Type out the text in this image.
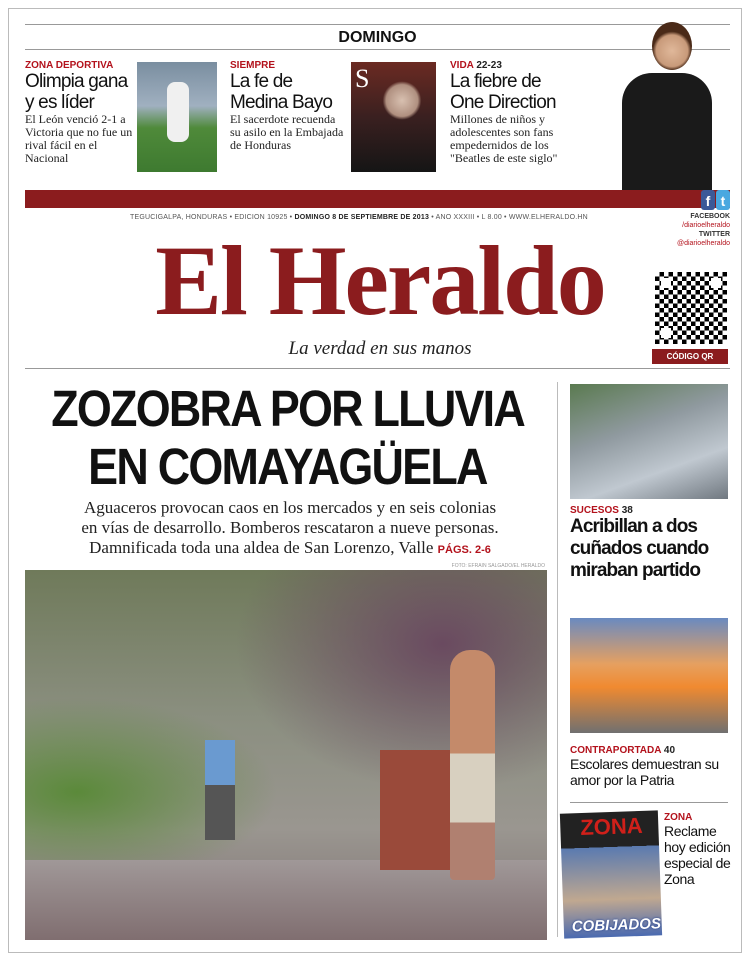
DOMINGO
ZONA DEPORTIVA
Olimpia gana
y es líder
El León venció 2-1 a Victoria que no fue un rival fácil en el Nacional
SIEMPRE
La fe de
Medina Bayo
El sacerdote recuenda su asilo en la Embajada de Honduras
S	VIDA 22-23
La fiebre de
One Direction
Millones de niños y adolescentes son fans empedernidos de los "Beatles de este siglo"
TEGUCIGALPA, HONDURAS • EDICIÓN 10925 • DOMINGO 8 DE SEPTIEMBRE DE 2013 • AÑO XXXIII • L 8.00 • WWW.ELHERALDO.HN
El Heraldo
La verdad en sus manos
f t
FACEBOOK
/diarioelheraldo
TWITTER
@diarioelheraldo
CÓDIGO QR
ZOZOBRA POR LLUVIA
EN COMAYAGÜELA
Aguaceros provocan caos en los mercados y en seis colonias
en vías de desarrollo. Bomberos rescataron a nueve personas.
Damnificada toda una aldea de San Lorenzo, Valle PÁGS. 2-6
FOTO: EFRAIN SALGADO/EL HERALDO
SUCESOS 38
Acribillan a dos cuñados cuando miraban partido
CONTRAPORTADA 40
Escolares demuestran su amor por la Patria
ZONA
COBIJADOS
ZONA
Reclame hoy edición especial de Zona
